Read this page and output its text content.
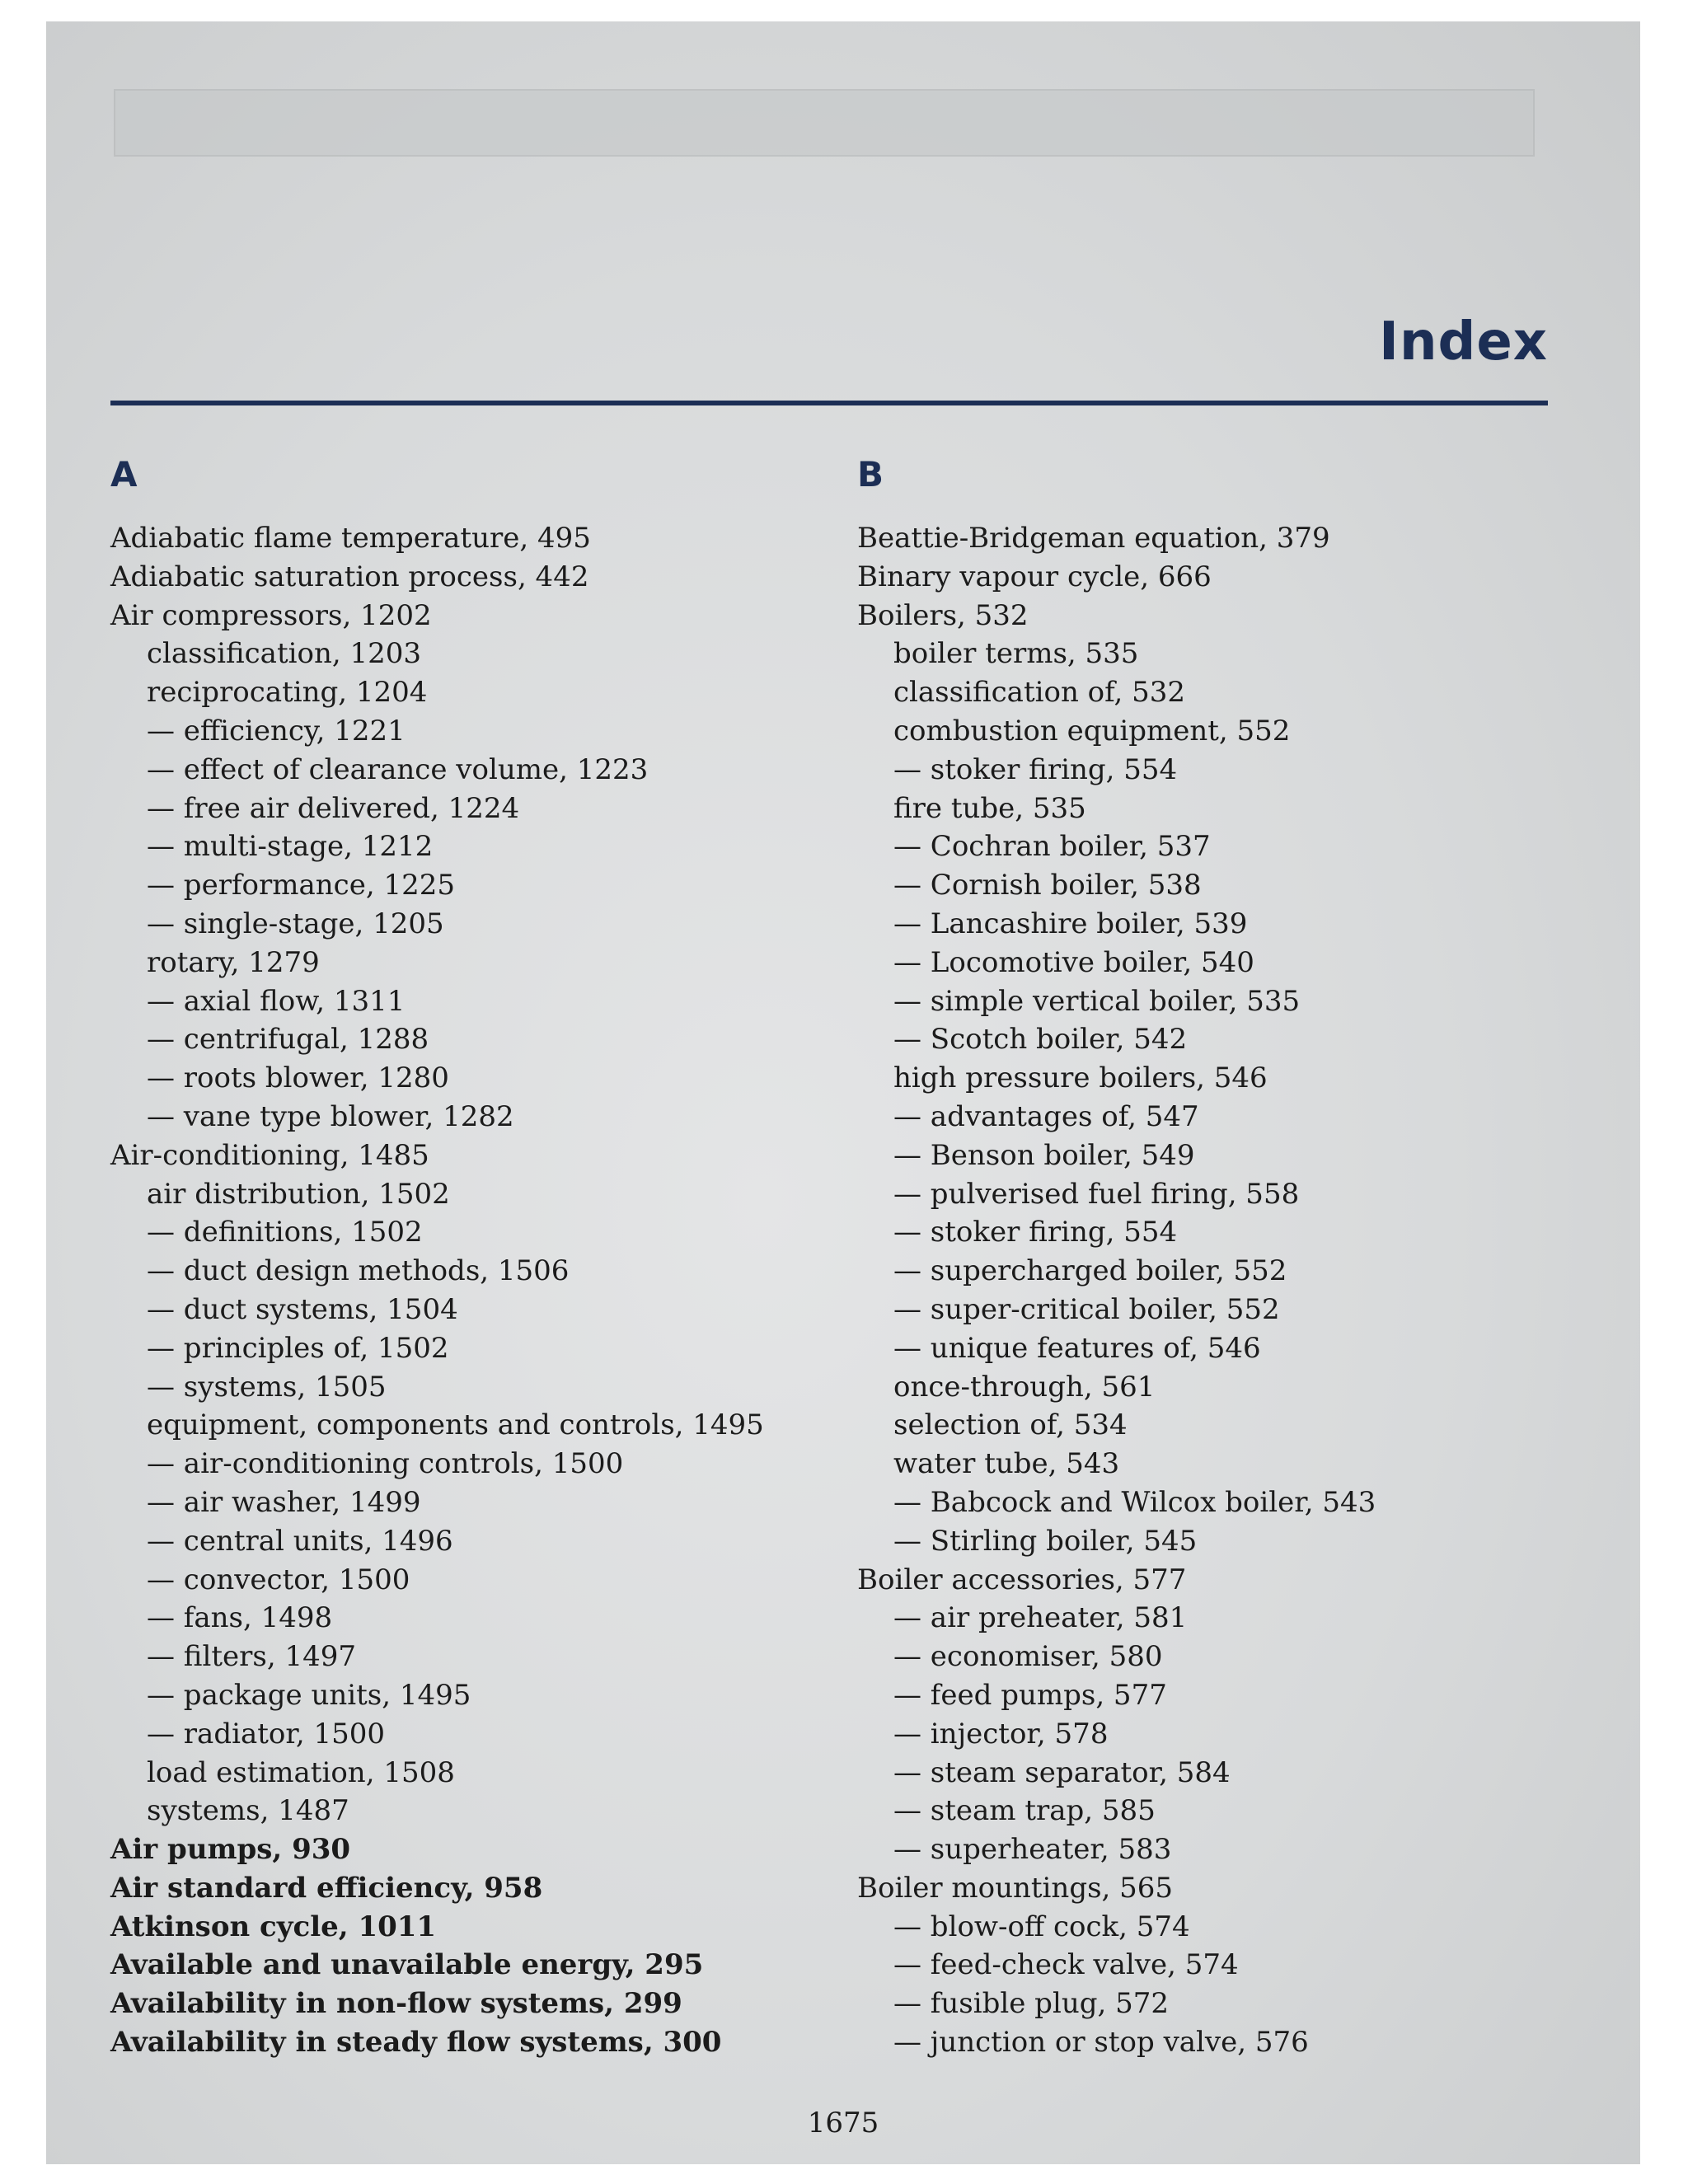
Index
A
Adiabatic flame temperature, 495
Adiabatic saturation process, 442
Air compressors, 1202
classification, 1203
reciprocating, 1204
— efficiency, 1221
— effect of clearance volume, 1223
— free air delivered, 1224
— multi-stage, 1212
— performance, 1225
— single-stage, 1205
rotary, 1279
— axial flow, 1311
— centrifugal, 1288
— roots blower, 1280
— vane type blower, 1282
Air-conditioning, 1485
air distribution, 1502
— definitions, 1502
— duct design methods, 1506
— duct systems, 1504
— principles of, 1502
— systems, 1505
equipment, components and controls, 1495
— air-conditioning controls, 1500
— air washer, 1499
— central units, 1496
— convector, 1500
— fans, 1498
— filters, 1497
— package units, 1495
— radiator, 1500
load estimation, 1508
systems, 1487
Air pumps, 930
Air standard efficiency, 958
Atkinson cycle, 1011
Available and unavailable energy, 295
Availability in non-flow systems, 299
Availability in steady flow systems, 300
B
Beattie-Bridgeman equation, 379
Binary vapour cycle, 666
Boilers, 532
boiler terms, 535
classification of, 532
combustion equipment, 552
— stoker firing, 554
fire tube, 535
— Cochran boiler, 537
— Cornish boiler, 538
— Lancashire boiler, 539
— Locomotive boiler, 540
— simple vertical boiler, 535
— Scotch boiler, 542
high pressure boilers, 546
— advantages of, 547
— Benson boiler, 549
— pulverised fuel firing, 558
— stoker firing, 554
— supercharged boiler, 552
— super-critical boiler, 552
— unique features of, 546
once-through, 561
selection of, 534
water tube, 543
— Babcock and Wilcox boiler, 543
— Stirling boiler, 545
Boiler accessories, 577
— air preheater, 581
— economiser, 580
— feed pumps, 577
— injector, 578
— steam separator, 584
— steam trap, 585
— superheater, 583
Boiler mountings, 565
— blow-off cock, 574
— feed-check valve, 574
— fusible plug, 572
— junction or stop valve, 576
1675
